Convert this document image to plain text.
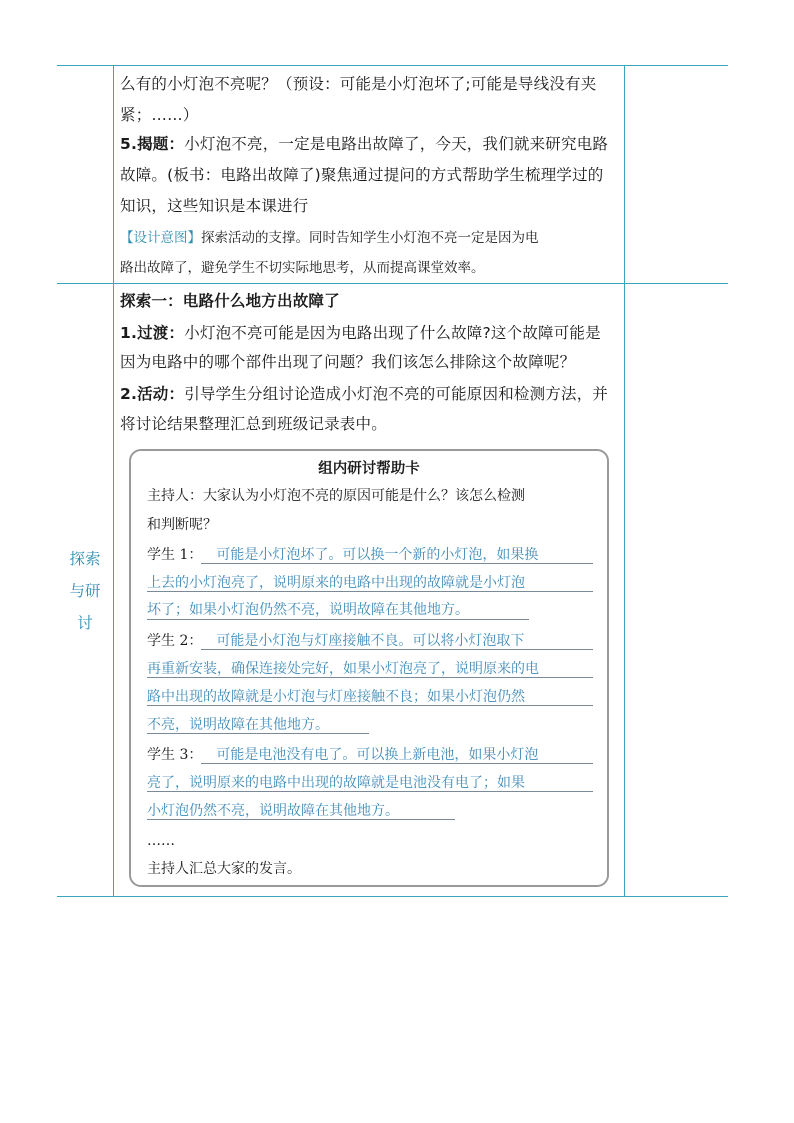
么有的小灯泡不亮呢？（预设：可能是小灯泡坏了;可能是导线没有夹
紧；……）
5.揭题：小灯泡不亮，一定是电路出故障了，今天，我们就来研究电路
故障。(板书：电路出故障了)聚焦通过提问的方式帮助学生梳理学过的
知识，这些知识是本课进行
【设计意图】探索活动的支撑。同时告知学生小灯泡不亮一定是因为电
路出故障了，避免学生不切实际地思考，从而提高课堂效率。
探索
与研
讨
探索一：电路什么地方出故障了
1.过渡：小灯泡不亮可能是因为电路出现了什么故障?这个故障可能是
因为电路中的哪个部件出现了问题？我们该怎么排除这个故障呢？
2.活动：引导学生分组讨论造成小灯泡不亮的可能原因和检测方法，并
将讨论结果整理汇总到班级记录表中。
组内研讨帮助卡
主持人：大家认为小灯泡不亮的原因可能是什么？该怎么检测
和判断呢？
学生 1： 可能是小灯泡坏了。可以换一个新的小灯泡，如果换
上去的小灯泡亮了，说明原来的电路中出现的故障就是小灯泡
坏了；如果小灯泡仍然不亮，说明故障在其他地方。
学生 2： 可能是小灯泡与灯座接触不良。可以将小灯泡取下
再重新安装，确保连接处完好，如果小灯泡亮了，说明原来的电
路中出现的故障就是小灯泡与灯座接触不良；如果小灯泡仍然
不亮，说明故障在其他地方。
学生 3： 可能是电池没有电了。可以换上新电池，如果小灯泡
亮了，说明原来的电路中出现的故障就是电池没有电了；如果
小灯泡仍然不亮，说明故障在其他地方。
……
主持人汇总大家的发言。
